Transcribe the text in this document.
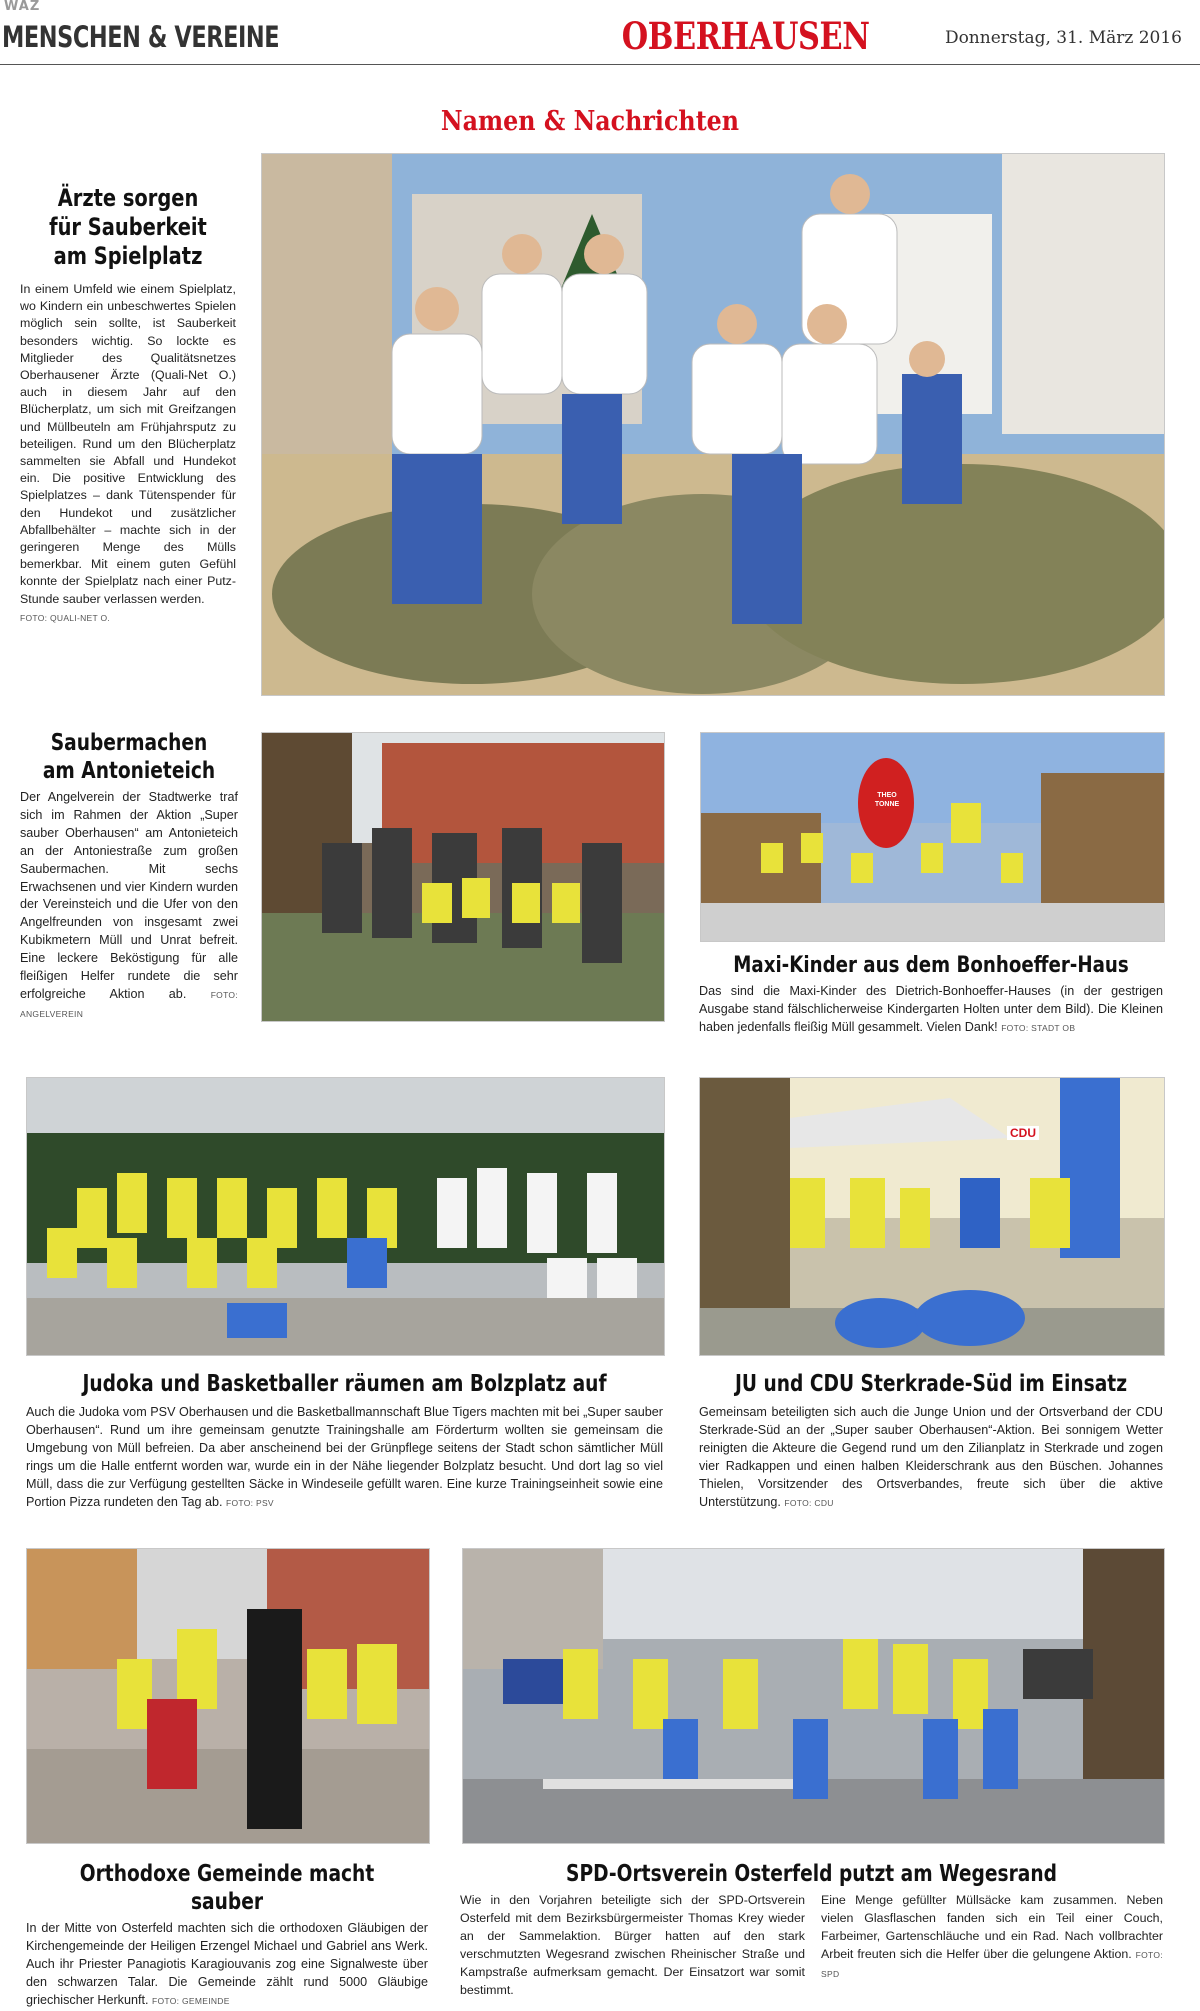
WAZ
MENSCHEN & VEREINE	OBERHAUSEN	Donnerstag, 31. März 2016
Namen & Nachrichten
Ärzte sorgen
für Sauberkeit
am Spielplatz
In einem Umfeld wie einem Spielplatz, wo Kindern ein unbeschwertes Spielen möglich sein sollte, ist Sauberkeit besonders wichtig. So lockte es Mitglieder des Qualitätsnetzes Oberhausener Ärzte (Quali-Net O.) auch in diesem Jahr auf den Blücherplatz, um sich mit Greifzangen und Müllbeuteln am Frühjahrsputz zu beteiligen. Rund um den Blücherplatz sammelten sie Abfall und Hundekot ein. Die positive Entwicklung des Spielplatzes – dank Tütenspender für den Hundekot und zusätzlicher Abfallbehälter – machte sich in der geringeren Menge des Mülls bemerkbar. Mit einem guten Gefühl konnte der Spielplatz nach einer Putz-Stunde sauber verlassen werden.
FOTO: QUALI-NET O.
Saubermachen
am Antonieteich
Der Angelverein der Stadtwerke traf sich im Rahmen der Aktion „Super sauber Oberhausen“ am Antonieteich an der Antoniestraße zum großen Saubermachen. Mit sechs Erwachsenen und vier Kindern wurden der Vereinsteich und die Ufer von den Angelfreunden von insgesamt zwei Kubikmetern Müll und Unrat befreit. Eine leckere Beköstigung für alle fleißigen Helfer rundete die sehr erfolgreiche Aktion ab.	FOTO: ANGELVEREIN
THEO TONNE
Maxi-Kinder aus dem Bonhoeffer-Haus
Das sind die Maxi-Kinder des Dietrich-Bonhoeffer-Hauses (in der gestrigen Ausgabe stand fälschlicherweise Kindergarten Holten unter dem Bild). Die Kleinen haben jedenfalls fleißig Müll gesammelt. Vielen Dank! FOTO: STADT OB
Judoka und Basketballer räumen am Bolzplatz auf
Auch die Judoka vom PSV Oberhausen und die Basketballmannschaft Blue Tigers machten mit bei „Super sauber Oberhausen“. Rund um ihre gemeinsam genutzte Trainingshalle am Förderturm wollten sie gemeinsam die Umgebung von Müll befreien. Da aber anscheinend bei der Grünpflege seitens der Stadt schon sämtlicher Müll rings um die Halle entfernt worden war, wurde ein in der Nähe liegender Bolzplatz besucht. Und dort lag so viel Müll, dass die zur Verfügung gestellten Säcke in Windeseile gefüllt waren. Eine kurze Trainingseinheit sowie eine Portion Pizza rundeten den Tag ab. FOTO: PSV
CDU
JU und CDU Sterkrade-Süd im Einsatz
Gemeinsam beteiligten sich auch die Junge Union und der Ortsverband der CDU Sterkrade-Süd an der „Super sauber Oberhausen“-Aktion. Bei sonnigem Wetter reinigten die Akteure die Gegend rund um den Zilianplatz in Sterkrade und zogen vier Radkappen und einen halben Kleiderschrank aus den Büschen. Johannes Thielen, Vorsitzender des Ortsverbandes, freute sich über die aktive Unterstützung. FOTO: CDU
Orthodoxe Gemeinde macht sauber
In der Mitte von Osterfeld machten sich die orthodoxen Gläubigen der Kirchengemeinde der Heiligen Erzengel Michael und Gabriel ans Werk. Auch ihr Priester Panagiotis Karagiouvanis zog eine Signalweste über den schwarzen Talar. Die Gemeinde zählt rund 5000 Gläubige griechischer Herkunft. FOTO: GEMEINDE
SPD-Ortsverein Osterfeld putzt am Wegesrand
Wie in den Vorjahren beteiligte sich der SPD-Ortsverein Osterfeld mit dem Bezirksbürgermeister Thomas Krey wieder an der Sammelaktion. Bürger hatten auf den stark verschmutzten Wegesrand zwischen Rheinischer Straße und Kampstraße aufmerksam gemacht. Der Einsatzort war somit bestimmt.
Eine Menge gefüllter Müllsäcke kam zusammen. Neben vielen Glasflaschen fanden sich ein Teil einer Couch, Farbeimer, Gartenschläuche und ein Rad. Nach vollbrachter Arbeit freuten sich die Helfer über die gelungene Aktion. FOTO: SPD
